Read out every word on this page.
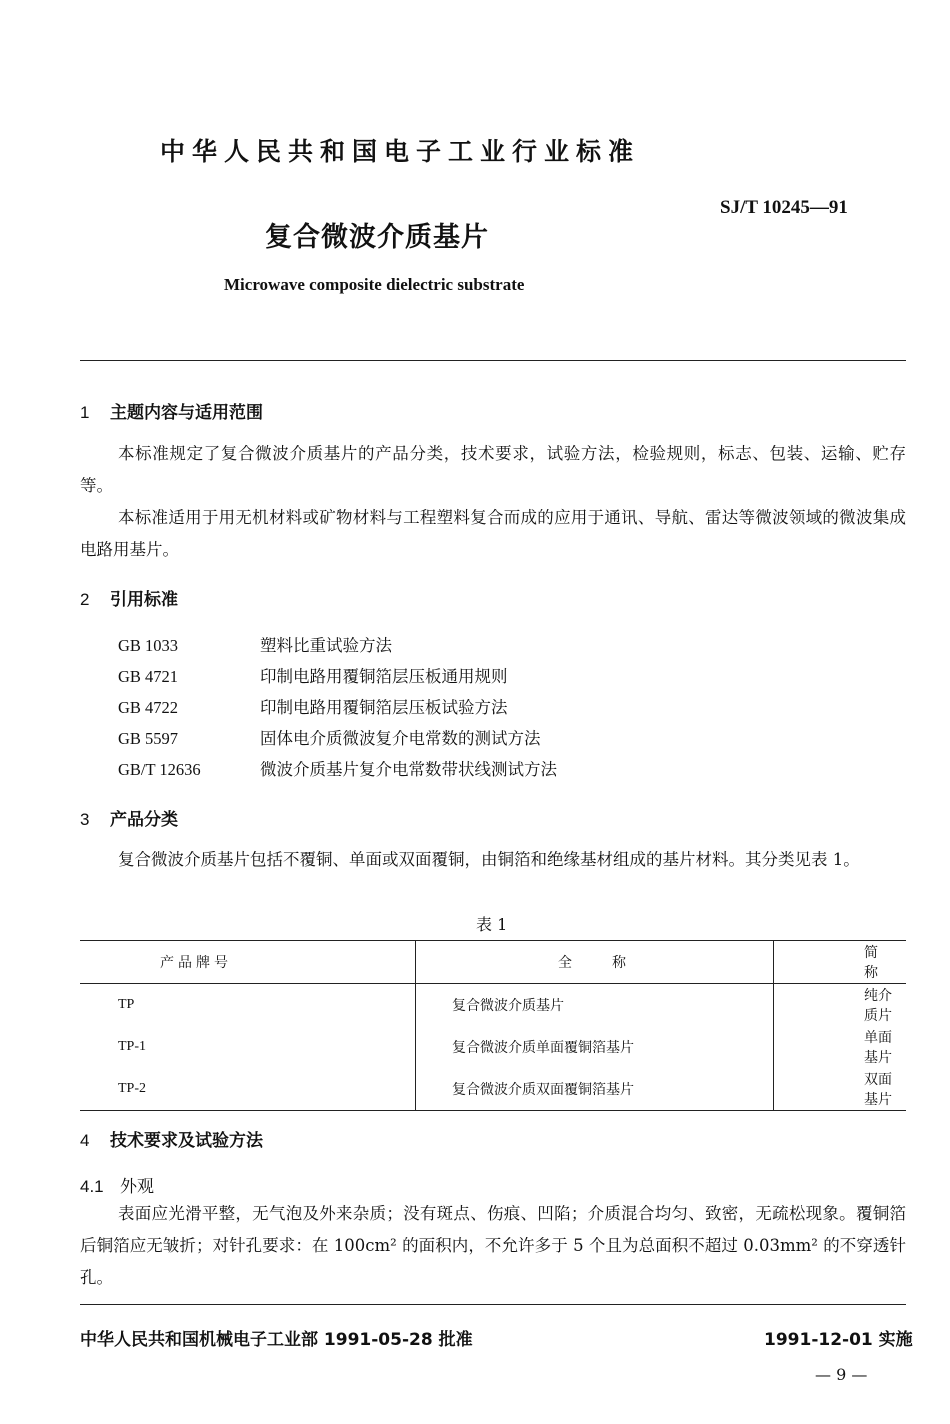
中华人民共和国电子工业行业标准
SJ/T 10245—91
复合微波介质基片
Microwave composite dielectric substrate
1 主题内容与适用范围

本标准规定了复合微波介质基片的产品分类，技术要求，试验方法，检验规则，标志、包装、运输、贮存等。

本标准适用于用无机材料或矿物材料与工程塑料复合而成的应用于通讯、导航、雷达等微波领域的微波集成电路用基片。

2 引用标准
GB 1033	塑料比重试验方法
GB 4721	印制电路用覆铜箔层压板通用规则
GB 4722	印制电路用覆铜箔层压板试验方法
GB 5597	固体电介质微波复介电常数的测试方法
GB/T 12636	微波介质基片复介电常数带状线测试方法
3 产品分类

复合微波介质基片包括不覆铜、单面或双面覆铜，由铜箔和绝缘基材组成的基片材料。其分类见表 1。

表 1
产品牌号	全　　称	简　称
TP	复合微波介质基片	纯介质片
TP-1	复合微波介质单面覆铜箔基片	单面基片
TP-2	复合微波介质双面覆铜箔基片	双面基片
4 技术要求及试验方法
4.1 外观

表面应光滑平整，无气泡及外来杂质；没有斑点、伤痕、凹陷；介质混合均匀、致密，无疏松现象。覆铜箔后铜箔应无皱折；对针孔要求：在 100cm² 的面积内，不允许多于 5 个且为总面积不超过 0.03mm² 的不穿透针孔。

中华人民共和国机械电子工业部 1991-05-28 批准	1991-12-01 实施
— 9 —
